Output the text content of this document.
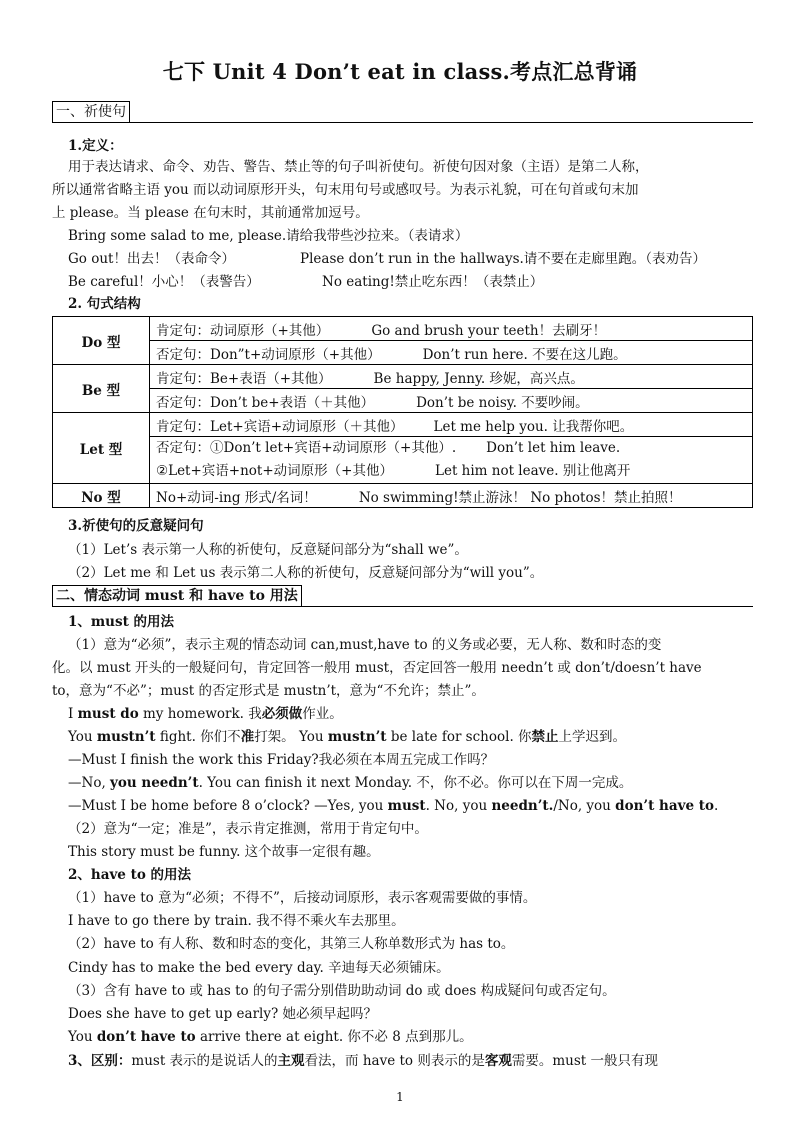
七下 Unit 4 Don’t eat in class.考点汇总背诵
一、祈使句
1.定义：
用于表达请求、命令、劝告、警告、禁止等的句子叫祈使句。祈使句因对象（主语）是第二人称，
所以通常省略主语 you 而以动词原形开头，句末用句号或感叹号。为表示礼貌，可在句首或句末加
上 please。当 please 在句末时，其前通常加逗号。
Bring some salad to me, please.请给我带些沙拉来。（表请求）
Go out！出去！（表命令）	Please don’t run in the hallways.请不要在走廊里跑。（表劝告）
Be careful！小心！（表警告）	No eating!禁止吃东西！（表禁止）
2. 句式结构
Do 型	肯定句：动词原形（+其他） Go and brush your teeth！去刷牙！
	否定句：Don”t+动词原形（+其他） Don’t run here. 不要在这儿跑。
Be 型	肯定句：Be+表语（+其他） Be happy, Jenny. 珍妮，高兴点。
	否定句：Don’t be+表语（＋其他） Don’t be noisy. 不要吵闹。
Let 型	肯定句：Let+宾语+动词原形（＋其他） Let me help you. 让我帮你吧。
	否定句：①Don’t let+宾语+动词原形（+其他）. Don’t let him leave.
②Let+宾语+not+动词原形（+其他） Let him not leave. 别让他离开
No 型	No+动词-ing 形式/名词！ No swimming!禁止游泳！ No photos！禁止拍照！
3.祈使句的反意疑问句
（1）Let’s 表示第一人称的祈使句，反意疑问部分为“shall we”。
（2）Let me 和 Let us 表示第二人称的祈使句，反意疑问部分为“will you”。
二、情态动词 must 和 have to 用法
1、must 的用法
（1）意为“必须”，表示主观的情态动词 can,must,have to 的义务或必要，无人称、数和时态的变
化。以 must 开头的一般疑问句，肯定回答一般用 must，否定回答一般用 needn’t 或 don’t/doesn’t have
to，意为“不必”；must 的否定形式是 mustn’t，意为“不允许；禁止”。
I must do my homework. 我必须做作业。
You mustn’t fight. 你们不准打架。 You mustn’t be late for school. 你禁止上学迟到。
—Must I finish the work this Friday?我必须在本周五完成工作吗？
—No, you needn’t. You can finish it next Monday. 不，你不必。你可以在下周一完成。
—Must I be home before 8 o’clock? —Yes, you must. No, you needn’t./No, you don’t have to.
（2）意为“一定；准是”，表示肯定推测，常用于肯定句中。
This story must be funny. 这个故事一定很有趣。
2、have to 的用法
（1）have to 意为“必须；不得不”，后接动词原形，表示客观需要做的事情。
I have to go there by train. 我不得不乘火车去那里。
（2）have to 有人称、数和时态的变化，其第三人称单数形式为 has to。
Cindy has to make the bed every day. 辛迪每天必须铺床。
（3）含有 have to 或 has to 的句子需分别借助助动词 do 或 does 构成疑问句或否定句。
Does she have to get up early? 她必须早起吗？
You don’t have to arrive there at eight. 你不必 8 点到那儿。
3、区别：must 表示的是说话人的主观看法，而 have to 则表示的是客观需要。must 一般只有现
1
